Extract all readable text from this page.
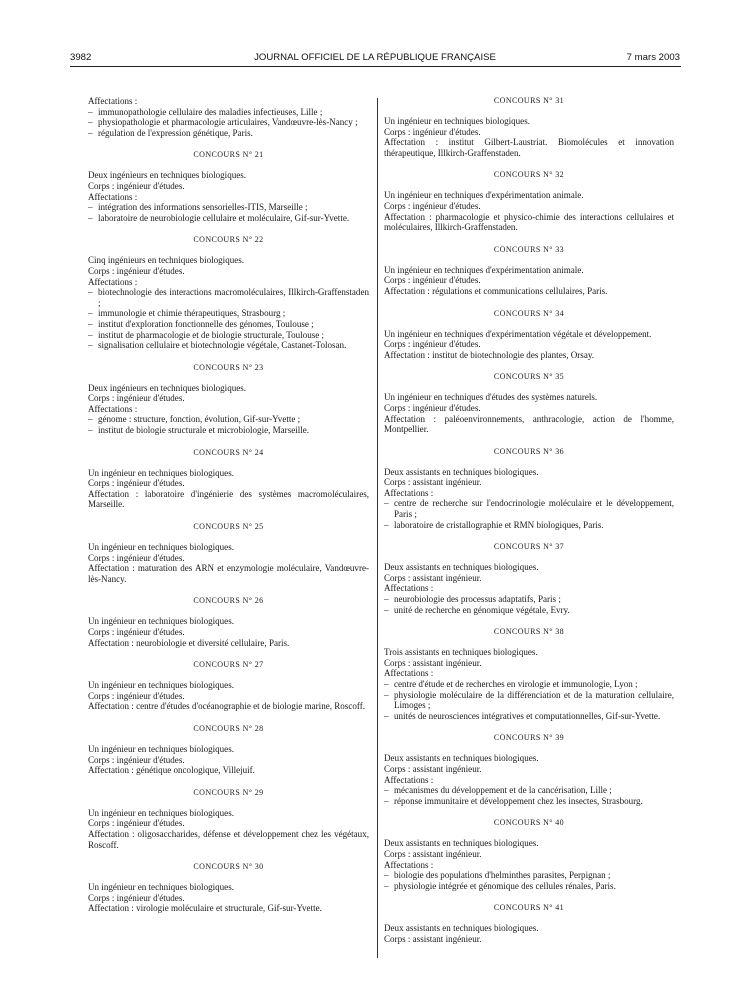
3982	JOURNAL OFFICIEL DE LA RÉPUBLIQUE FRANÇAISE	7 mars 2003

Affectations :

– immunopathologie cellulaire des maladies infectieuses, Lille ;

– physiopathologie et pharmacologie articulaires, Vandœuvre-lès-Nancy ;

– régulation de l'expression génétique, Paris.

CONCOURS N° 21

Deux ingénieurs en techniques biologiques.

Corps : ingénieur d'études.

Affectations :

– intégration des informations sensorielles-ITIS, Marseille ;

– laboratoire de neurobiologie cellulaire et moléculaire, Gif-sur-Yvette.

CONCOURS N° 22

Cinq ingénieurs en techniques biologiques.

Corps : ingénieur d'études.

Affectations :

– biotechnologie des interactions macromoléculaires, Illkirch-Graffenstaden ;

– immunologie et chimie thérapeutiques, Strasbourg ;

– institut d'exploration fonctionnelle des génomes, Toulouse ;

– institut de pharmacologie et de biologie structurale, Toulouse ;

– signalisation cellulaire et biotechnologie végétale, Castanet-Tolosan.

CONCOURS N° 23

Deux ingénieurs en techniques biologiques.

Corps : ingénieur d'études.

Affectations :

– génome : structure, fonction, évolution, Gif-sur-Yvette ;

– institut de biologie structurale et microbiologie, Marseille.

CONCOURS N° 24

Un ingénieur en techniques biologiques.

Corps : ingénieur d'études.

Affectation : laboratoire d'ingénierie des systèmes macromoléculaires, Marseille.

CONCOURS N° 25

Un ingénieur en techniques biologiques.

Corps : ingénieur d'études.

Affectation : maturation des ARN et enzymologie moléculaire, Vandœuvre-lès-Nancy.

CONCOURS N° 26

Un ingénieur en techniques biologiques.

Corps : ingénieur d'études.

Affectation : neurobiologie et diversité cellulaire, Paris.

CONCOURS N° 27

Un ingénieur en techniques biologiques.

Corps : ingénieur d'études.

Affectation : centre d'études d'océanographie et de biologie marine, Roscoff.

CONCOURS N° 28

Un ingénieur en techniques biologiques.

Corps : ingénieur d'études.

Affectation : génétique oncologique, Villejuif.

CONCOURS N° 29

Un ingénieur en techniques biologiques.

Corps : ingénieur d'études.

Affectation : oligosaccharides, défense et développement chez les végétaux, Roscoff.

CONCOURS N° 30

Un ingénieur en techniques biologiques.

Corps : ingénieur d'études.

Affectation : virologie moléculaire et structurale, Gif-sur-Yvette.

CONCOURS N° 31

Un ingénieur en techniques biologiques.

Corps : ingénieur d'études.

Affectation : institut Gilbert-Laustriat. Biomolécules et innovation thérapeutique, Illkirch-Graffenstaden.

CONCOURS N° 32

Un ingénieur en techniques d'expérimentation animale.

Corps : ingénieur d'études.

Affectation : pharmacologie et physico-chimie des interactions cellulaires et moléculaires, Illkirch-Graffenstaden.

CONCOURS N° 33

Un ingénieur en techniques d'expérimentation animale.

Corps : ingénieur d'études.

Affectation : régulations et communications cellulaires, Paris.

CONCOURS N° 34

Un ingénieur en techniques d'expérimentation végétale et développement.

Corps : ingénieur d'études.

Affectation : institut de biotechnologie des plantes, Orsay.

CONCOURS N° 35

Un ingénieur en techniques d'études des systèmes naturels.

Corps : ingénieur d'études.

Affectation : paléoenvironnements, anthracologie, action de l'homme, Montpellier.

CONCOURS N° 36

Deux assistants en techniques biologiques.

Corps : assistant ingénieur.

Affectations :

– centre de recherche sur l'endocrinologie moléculaire et le développement, Paris ;

– laboratoire de cristallographie et RMN biologiques, Paris.

CONCOURS N° 37

Deux assistants en techniques biologiques.

Corps : assistant ingénieur.

Affectations :

– neurobiologie des processus adaptatifs, Paris ;

– unité de recherche en génomique végétale, Evry.

CONCOURS N° 38

Trois assistants en techniques biologiques.

Corps : assistant ingénieur.

Affectations :

– centre d'étude et de recherches en virologie et immunologie, Lyon ;

– physiologie moléculaire de la différenciation et de la maturation cellulaire, Limoges ;

– unités de neurosciences intégratives et computationnelles, Gif-sur-Yvette.

CONCOURS N° 39

Deux assistants en techniques biologiques.

Corps : assistant ingénieur.

Affectations :

– mécanismes du développement et de la cancérisation, Lille ;

– réponse immunitaire et développement chez les insectes, Strasbourg.

CONCOURS N° 40

Deux assistants en techniques biologiques.

Corps : assistant ingénieur.

Affectations :

– biologie des populations d'helminthes parasites, Perpignan ;

– physiologie intégrée et génomique des cellules rénales, Paris.

CONCOURS N° 41

Deux assistants en techniques biologiques.

Corps : assistant ingénieur.
